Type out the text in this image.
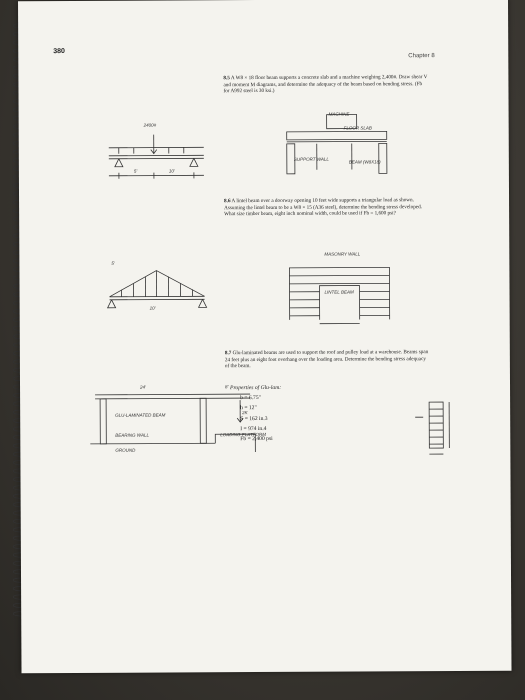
380
Chapter 8
8.5 A W8 × 18 floor beam supports a concrete slab and a machine weighing 2,400#. Draw shear V and moment M diagrams, and determine the adequacy of the beam based on bending stress. (Fb for A992 steel is 30 ksi.)
2400#
5'	10'
MACHINE
FLOOR SLAB
SUPPORT WALL
BEAM (W8X18)
8.6 A lintel beam over a doorway opening 10 feet wide supports a triangular load as shown. Assuming the lintel beam to be a W8 × 15 (A36 steel), determine the bending stress developed. What size timber beam, eight inch nominal width, could be used if Fb = 1,600 psi?
5'
10'
MASONRY WALL
LINTEL BEAM
8.7 Glu-laminated beams are used to support the roof and pulley load at a warehouse. Beams span 24 feet plus an eight foot overhang over the loading area. Determine the bending stress adequacy of the beam.
Properties of Glu-lam:
b = 6.75"
h = 12"
S = 162 in.3
I = 974 in.4
Fb = 2,400 psi
24'	8'
GLU-LAMINATED BEAM
BEARING WALL	LOADING PLATFORM
GROUND
2K
